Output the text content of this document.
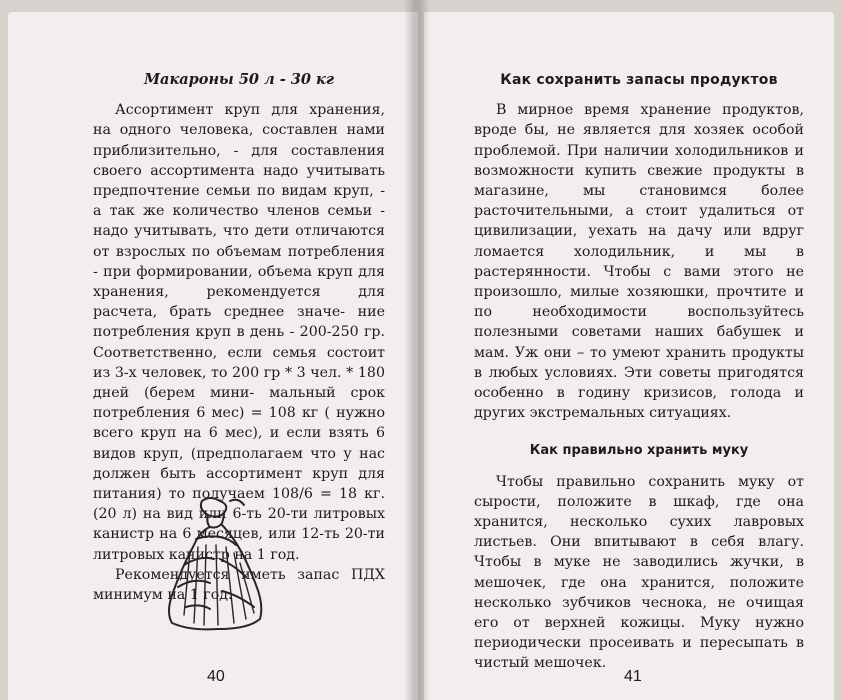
Макароны 50 л - 30 кг

Ассортимент круп для хранения, на одного человека, составлен нами приблизительно, - для составления своего ассортимента надо учитывать предпочтение семьи по видам круп, - а так же количество членов семьи - надо учитывать, что дети отличаются от взрослых по объемам потребления - при формировании, объема круп для хранения, рекомендуется для расчета, брать среднее значе- ние потребления круп в день - 200-250 гр. Соответственно, если семья состоит из 3-х человек, то 200 гр * 3 чел. * 180 дней (берем мини- мальный срок потребления 6 мес) = 108 кг ( нужно всего круп на 6 мес), и если взять 6 видов круп, (предполагаем что у нас должен быть ассортимент круп для питания) то получаем 108/6 = 18 кг. (20 л) на вид или 6-ть 20-ти литровых канистр на 6 месяцев, или 12-ть 20-ти литровых канистр на 1 год.

Рекомендуется иметь запас ПДХ минимум на 1 год.

40

Как сохранить запасы продуктов

В мирное время хранение продуктов, вроде бы, не является для хозяек особой проблемой. При наличии холодильников и возможности купить свежие продукты в магазине, мы становимся более расточительными, а стоит удалиться от цивилизации, уехать на дачу или вдруг ломается холодильник, и мы в растерянности. Чтобы с вами этого не произошло, милые хозяюшки, прочтите и по необходимости воспользуйтесь полезными советами наших бабушек и мам. Уж они – то умеют хранить продукты в любых условиях. Эти советы пригодятся особенно в годину кризисов, голода и других экстремальных ситуациях.

Как правильно хранить муку

Чтобы правильно сохранить муку от сырости, положите в шкаф, где она хранится, несколько сухих лавровых листьев. Они впитывают в себя влагу. Чтобы в муке не заводились жучки, в мешочек, где она хранится, положите несколько зубчиков чеснока, не очищая его от верхней кожицы. Муку нужно периодически просеивать и пересыпать в чистый мешочек.

41
